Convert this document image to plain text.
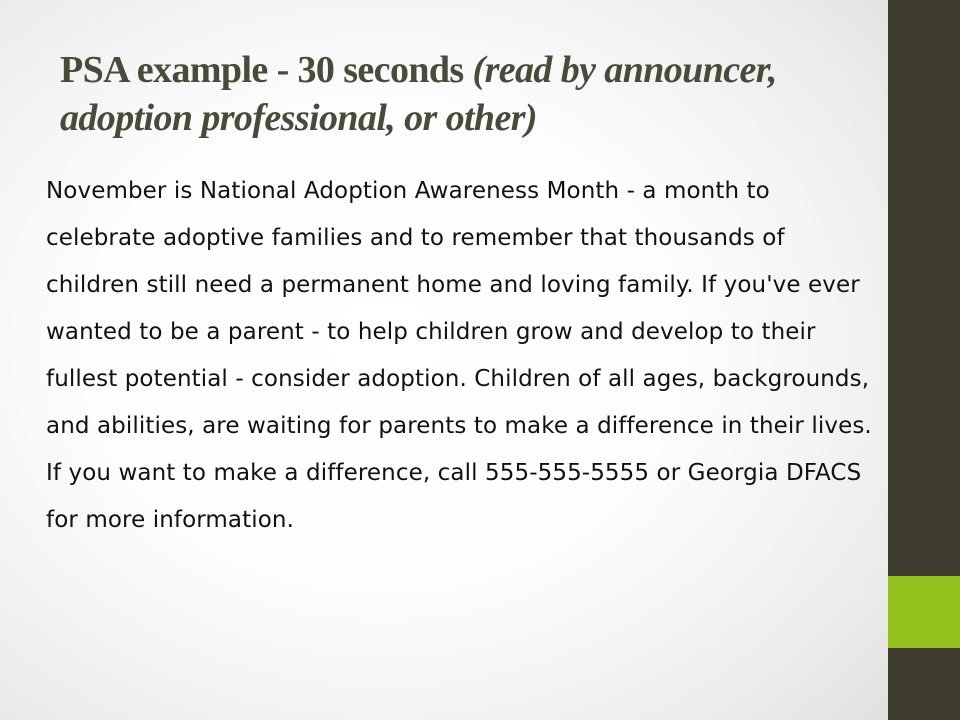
PSA example - 30 seconds (read by announcer, adoption professional, or other)

November is National Adoption Awareness Month - a month to celebrate adoptive families and to remember that thousands of children still need a permanent home and loving family. If you've ever wanted to be a parent - to help children grow and develop to their fullest potential - consider adoption. Children of all ages, backgrounds, and abilities, are waiting for parents to make a difference in their lives. If you want to make a difference, call 555-555-5555 or Georgia DFACS for more information.
